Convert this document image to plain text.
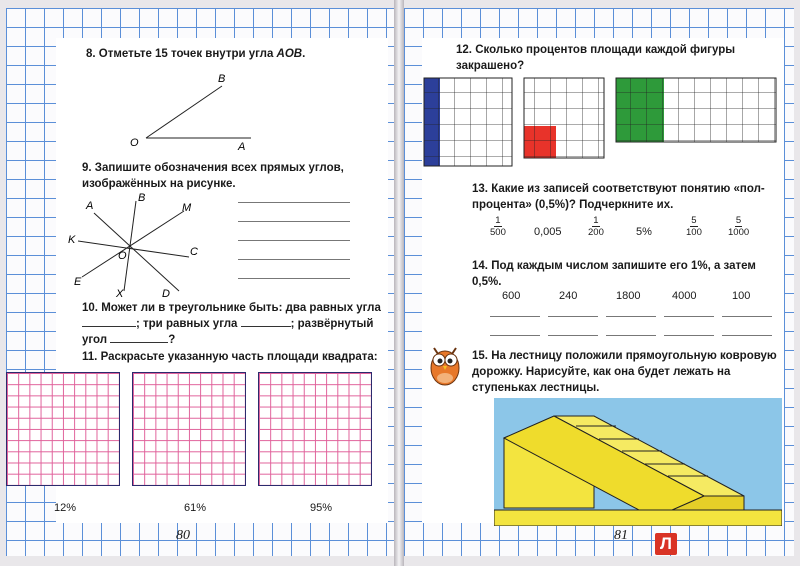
8. Отметьте 15 точек внутри угла AOB.
B
O	A
9. Запишите обозначения всех прямых углов, изображённых на рисунке.
A
B
M
K
O	C
E
X	D
10. Может ли в треугольнике быть: два равных угла
; три равных угла	; развёрнутый
угол	?
11. Раскрасьте указанную часть площади квадрата:
12%	61%	95%
80
12. Сколько процентов площади каждой фигуры закрашено?
13. Какие из записей соответствуют понятию «пол-процента» (0,5%)? Подчеркните их.
$\frac{1}{500}$	0,005	$\frac{1}{200}$	5%	$\frac{5}{100}$	$\frac{5}{1000}$
14. Под каждым числом запишите его 1%, а затем 0,5%.
600	240	1800	4000	100
15. На лестницу положили прямоугольную ковровую дорожку. Нарисуйте, как она будет лежать на ступеньках лестницы.
81 Л
